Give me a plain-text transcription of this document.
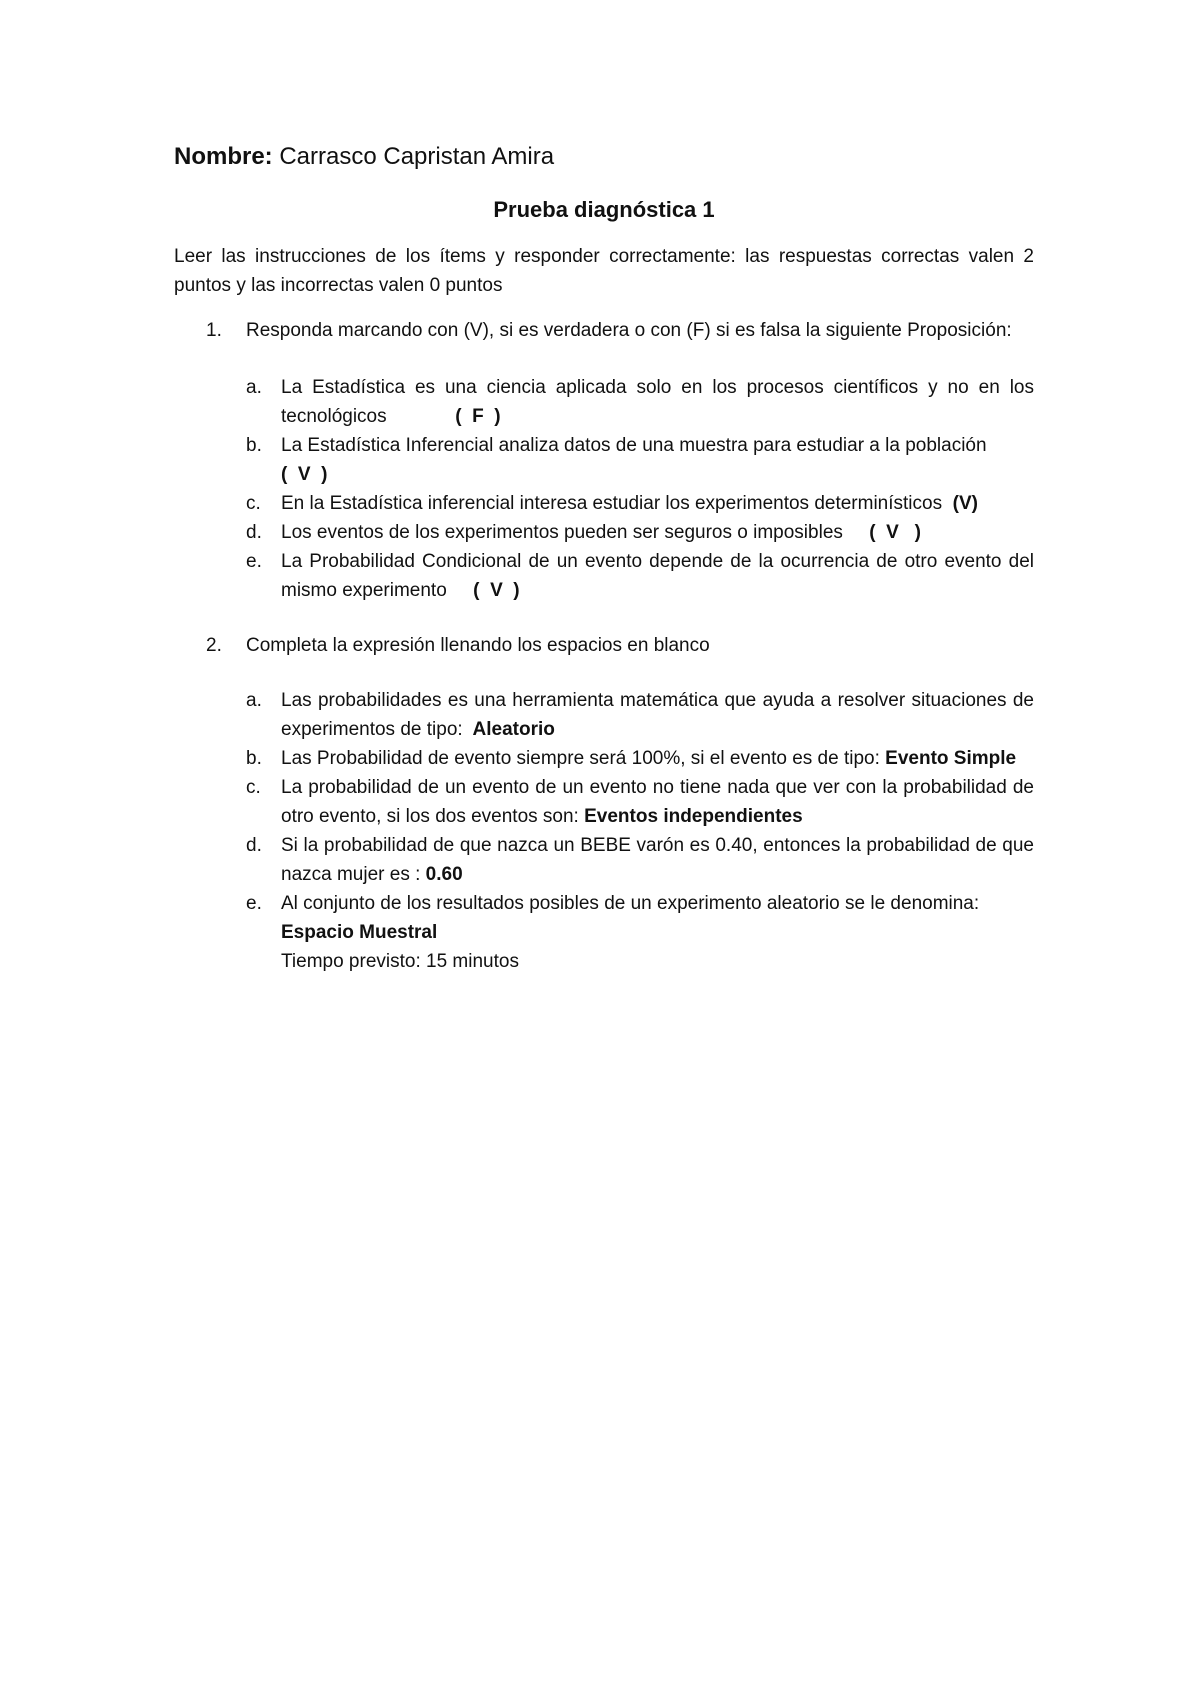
Nombre: Carrasco Capristan Amira
Prueba diagnóstica 1
Leer las instrucciones de los ítems y responder correctamente: las respuestas correctas valen 2 puntos y las incorrectas valen 0 puntos
1. Responda marcando con (V), si es verdadera o con (F) si es falsa la siguiente Proposición:
a. La Estadística es una ciencia aplicada solo en los procesos científicos y no en los tecnológicos             (  F  )
b. La Estadística Inferencial analiza datos de una muestra para estudiar a la población
(  V  )
c. En la Estadística inferencial interesa estudiar los experimentos determinísticos  (V)
d. Los eventos de los experimentos pueden ser seguros o imposibles     (  V   )
e. La Probabilidad Condicional de un evento depende de la ocurrencia de otro evento del mismo experimento     (  V  )
2. Completa la expresión llenando los espacios en blanco
a. Las probabilidades es una herramienta matemática que ayuda a resolver situaciones de experimentos de tipo:  Aleatorio
b. Las Probabilidad de evento siempre será 100%, si el evento es de tipo: Evento Simple
c. La probabilidad de un evento de un evento no tiene nada que ver con la probabilidad de otro evento, si los dos eventos son: Eventos independientes
d. Si la probabilidad de que nazca un BEBE varón es 0.40, entonces la probabilidad de que nazca mujer es : 0.60
e. Al conjunto de los resultados posibles de un experimento aleatorio se le denomina:
Espacio Muestral
Tiempo previsto: 15 minutos
